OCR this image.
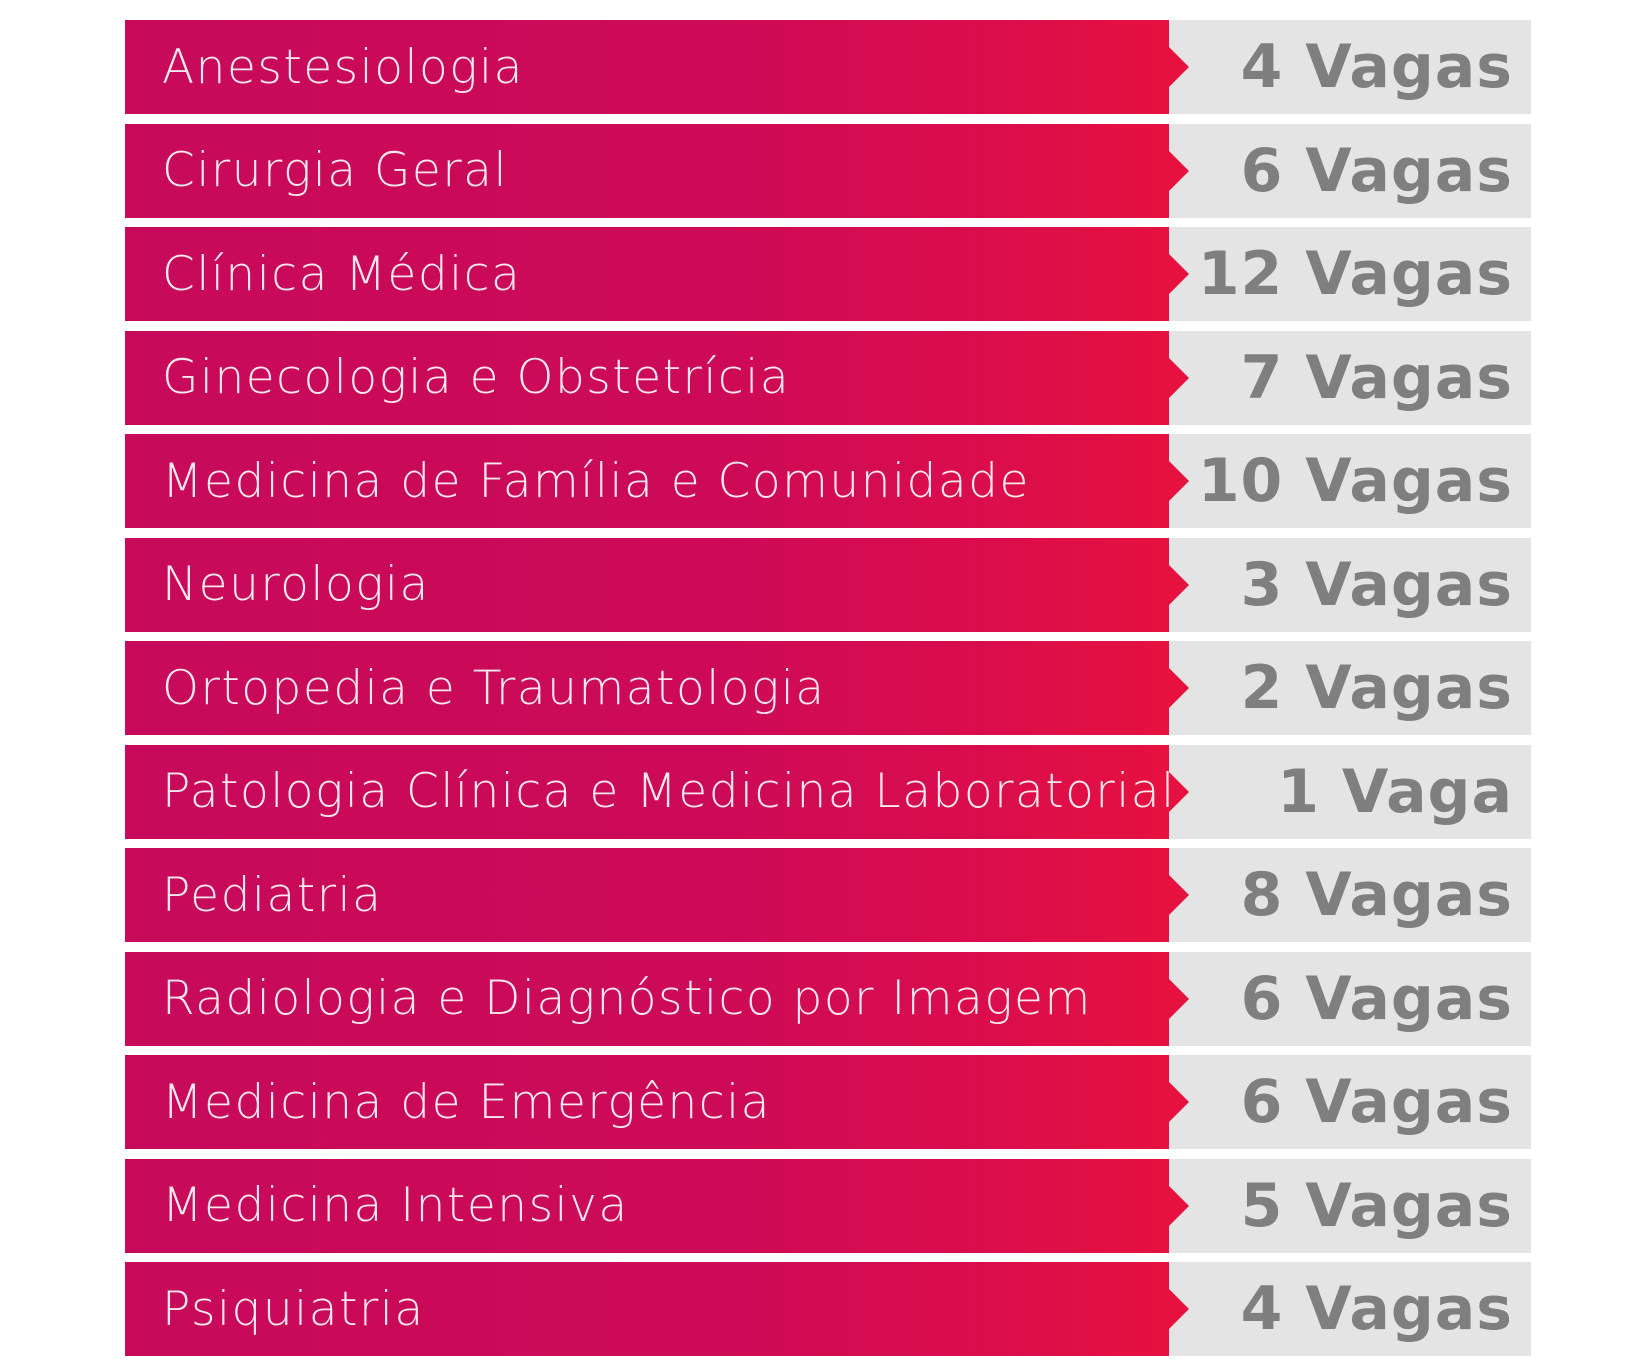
Anestesiologia	4 Vagas
Cirurgia Geral	6 Vagas
Clínica Médica	12 Vagas
Ginecologia e Obstetrícia	7 Vagas
Medicina de Família e Comunidade	10 Vagas
Neurologia	3 Vagas
Ortopedia e Traumatologia	2 Vagas
Patologia Clínica e Medicina Laboratorial 1 Vaga
Pediatria	8 Vagas
Radiologia e Diagnóstico por Imagem 6 Vagas
Medicina de Emergência	6 Vagas
Medicina Intensiva	5 Vagas
Psiquiatria	4 Vagas
